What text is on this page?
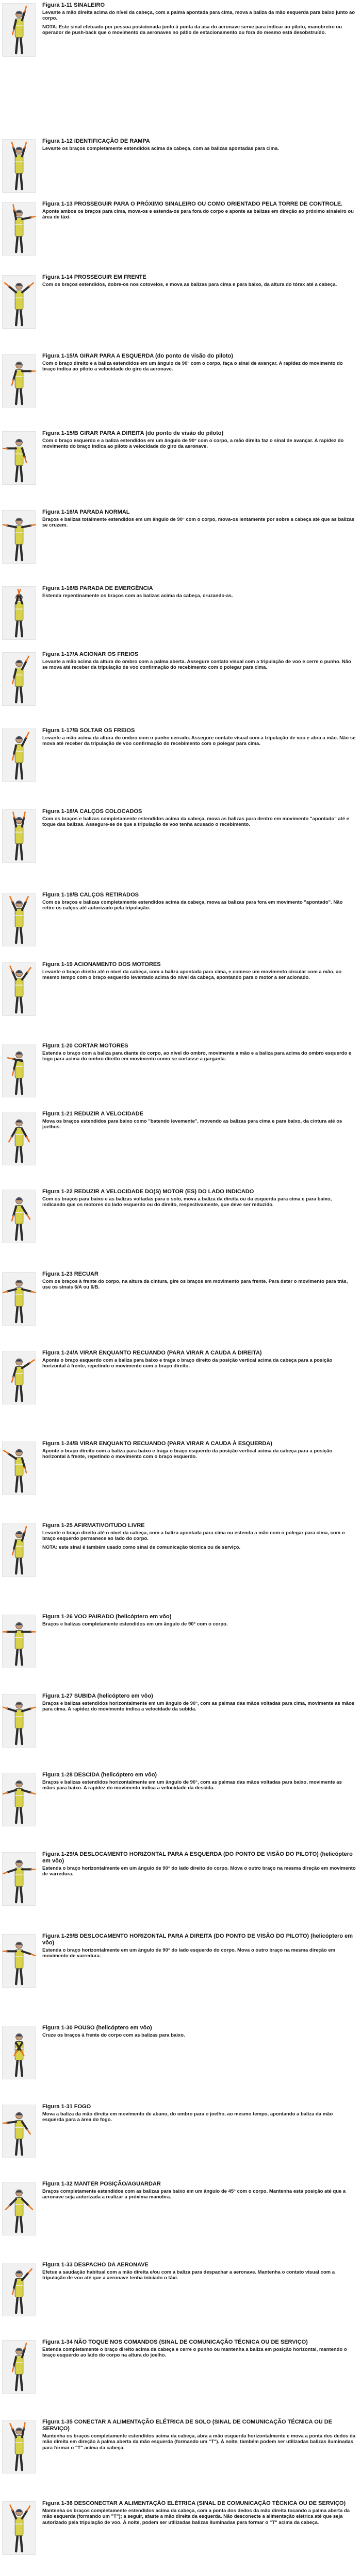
Figura 1-11 SINALEIRO
Levante a mão direita acima do nível da cabeça, com a palma apontada para cima, mova a baliza da mão esquerda para baixo junto ao corpo.
NOTA: Este sinal efetuado por pessoa posicionada junto à ponta da asa do aeronave serve para indicar ao piloto, manobreiro ou operador de push-back que o movimento da aeronaves no pátio de estacionamento ou fora do mesmo está desobstruído.
Figura 1-12 IDENTIFICAÇÃO DE RAMPA
Levante os braços completamente estendidos acima da cabeça, com as balizas apontadas para cima.
Figura 1-13 PROSSEGUIR PARA O PRÓXIMO SINALEIRO OU COMO ORIENTADO PELA TORRE DE CONTROLE.
Aponte ambos os braços para cima, mova-os e estenda-os para fora do corpo e aponte as balizas em direção ao próximo sinaleiro ou área de táxi.
Figura 1-14 PROSSEGUIR EM FRENTE
Com os braços estendidos, dobre-os nos cotovelos, e mova as balizas para cima e para baixo, da altura do tórax até a cabeça.
Figura 1-15/A GIRAR PARA A ESQUERDA (do ponto de visão do piloto)
Com o braço direito e a baliza estendidos em um ângulo de 90° com o corpo, faça o sinal de avançar. A rapidez do movimento do braço indica ao piloto a velocidade do giro da aeronave.
Figura 1-15/B GIRAR PARA A DIREITA (do ponto de visão do piloto)
Com o braço esquerdo e a baliza estendidos em um ângulo de 90° com o corpo, a mão direita faz o sinal de avançar. A rapidez do movimento do braço indica ao piloto a velocidade do giro da aeronave.
Figura 1-16/A PARADA NORMAL
Braços e balizas totalmente estendidos em um ângulo de 90° com o corpo, mova-os lentamente por sobre a cabeça até que as balizas se cruzem.
Figura 1-16/B PARADA DE EMERGÊNCIA
Estenda repentinamente os braços com as balizas acima da cabeça, cruzando-as.
Figura 1-17/A ACIONAR OS FREIOS
Levante a mão acima da altura do ombro com a palma aberta. Assegure contato visual com a tripulação de voo e cerre o punho. Não se mova até receber da tripulação de voo confirmação do recebimento com o polegar para cima.
Figura 1-17/B SOLTAR OS FREIOS
Levante a mão acima da altura do ombro com o punho cerrado. Assegure contato visual com a tripulação de voo e abra a mão. Não se mova até receber da tripulação de voo confirmação do recebimento com o polegar para cima.
Figura 1-18/A CALÇOS COLOCADOS
Com os braços e balizas completamente estendidos acima da cabeça, mova as balizas para dentro em movimento "apontado" até e toque das balizas. Assegure-se de que a tripulação de voo tenha acusado o recebimento.
Figura 1-18/B CALÇOS RETIRADOS
Com os braços e balizas completamente estendidos acima da cabeça, mova as balizas para fora em movimento "apontado". Não retire os calços até autorizado pela tripulação.
Figura 1-19 ACIONAMENTO DOS MOTORES
Levante o braço direito até o nível da cabeça, com a baliza apontada para cima, e comece um movimento circular com a mão, ao mesmo tempo com o braço esquerdo levantado acima do nível da cabeça, apontando para o motor a ser acionado.
Figura 1-20 CORTAR MOTORES
Estenda o braço com a baliza para diante do corpo, ao nível do ombro, movimente a mão e a baliza para acima do ombro esquerdo e logo para acima do ombro direito em movimento como se cortasse a garganta.
Figura 1-21 REDUZIR A VELOCIDADE
Mova os braços estendidos para baixo como "batendo levemente", movendo as balizas para cima e para baixo, da cintura até os joelhos.
Figura 1-22 REDUZIR A VELOCIDADE DO(S) MOTOR (ES) DO LADO INDICADO
Com os braços para baixo e as balizas voltadas para o solo, mova a baliza da direita ou da esquerda para cima e para baixo, indicando que os motores do lado esquerdo ou do direito, respectivamente, que deve ser reduzido.
Figura 1-23 RECUAR
Com os braços à frente do corpo, na altura da cintura, gire os braços em movimento para frente. Para deter o movimento para trás, use os sinais 6/A ou 6/B.
Figura 1-24/A VIRAR ENQUANTO RECUANDO (PARA VIRAR A CAUDA A DIREITA)
Aponte o braço esquerdo com a baliza para baixo e traga o braço direito da posição vertical acima da cabeça para a posição horizontal à frente, repetindo o movimento com o braço direito.
Figura 1-24/B VIRAR ENQUANTO RECUANDO (PARA VIRAR A CAUDA À ESQUERDA)
Aponte o braço direito com a baliza para baixo e traga o braço esquerdo da posição vertical acima da cabeça para a posição horizontal à frente, repetindo o movimento com o braço esquerdo.
Figura 1-25 AFIRMATIVO/TUDO LIVRE
Levante o braço direito até o nível da cabeça, com a baliza apontada para cima ou estenda a mão com o polegar para cima, com o braço esquerdo permanece ao lado do corpo.
NOTA: este sinal é também usado como sinal de comunicação técnica ou de serviço.
Figura 1-26 VOO PAIRADO (helicóptero em vôo)
Braços e balizas completamente estendidos em um ângulo de 90° com o corpo.
Figura 1-27 SUBIDA (helicóptero em vôo)
Braços e balizas estendidos horizontalmente em um ângulo de 90°, com as palmas das mãos voltadas para cima, movimente as mãos para cima. A rapidez do movimento indica a velocidade da subida.
Figura 1-28 DESCIDA (helicóptero em vôo)
Braços e balizas estendidos horizontalmente em um ângulo de 90°, com as palmas das mãos voltadas para baixo, movimente as mãos para baixo. A rapidez do movimento indica a velocidade da descida.
Figura 1-29/A DESLOCAMENTO HORIZONTAL PARA A ESQUERDA (DO PONTO DE VISÃO DO PILOTO) (helicóptero em vôo)
Estenda o braço horizontalmente em um ângulo de 90° do lado direito do corpo. Mova o outro braço na mesma direção em movimento de varredura.
Figura 1-29/B DESLOCAMENTO HORIZONTAL PARA A DIREITA (DO PONTO DE VISÃO DO PILOTO) (helicóptero em vôo)
Estenda o braço horizontalmente em um ângulo de 90° do lado esquerdo do corpo. Mova o outro braço na mesma direção em movimento de varredura.
Figura 1-30 POUSO (helicóptero em vôo)
Cruze os braços à frente do corpo com as balizas para baixo.
Figura 1-31 FOGO
Mova a baliza da mão direita em movimento de abano, do ombro para o joelho, ao mesmo tempo, apontando a baliza da mão esquerda para a área do fogo.
Figura 1-32 MANTER POSIÇÃO/AGUARDAR
Braços completamente estendidos com as balizas para baixo em um ângulo de 45° com o corpo. Mantenha esta posição até que a aeronave seja autorizada a realizar a próxima manobra.
Figura 1-33 DESPACHO DA AERONAVE
Efetue a saudação habitual com a mão direita e/ou com a baliza para despachar a aeronave. Mantenha o contato visual com a tripulação de voo até que a aeronave tenha iniciado o táxi.
Figura 1-34 NÃO TOQUE NOS COMANDOS (SINAL DE COMUNICAÇÃO TÉCNICA OU DE SERVIÇO)
Estenda completamente o braço direito acima da cabeça e cerre o punho ou mantenha a baliza em posição horizontal, mantendo o braço esquerdo ao lado do corpo na altura do joelho.
Figura 1-35 CONECTAR A ALIMENTAÇÃO ELÉTRICA DE SOLO (SINAL DE COMUNICAÇÃO TÉCNICA OU DE SERVIÇO)
Mantenha os braços completamente estendidos acima da cabeça, abra a mão esquerda horizontalmente e mova a ponta dos dedos da mão direita em direção à palma aberta da mão esquerda (formando um "T"). À noite, também podem ser utilizadas balizas iluminadas para formar o "T" acima da cabeça.
Figura 1-36 DESCONECTAR A ALIMENTAÇÃO ELÉTRICA (SINAL DE COMUNICAÇÃO TÉCNICA OU DE SERVIÇO)
Mantenha os braços completamente estendidos acima da cabeça, com a ponta dos dedos da mão direita tocando a palma aberta da mão esquerda (formando um "T"); a seguir, afaste a mão direita da esquerda. Não desconecte a alimentação elétrica até que seja autorizado pela tripulação de voo. À noite, podem ser utilizadas balizas iluminadas para formar o "T" acima da cabeça.
